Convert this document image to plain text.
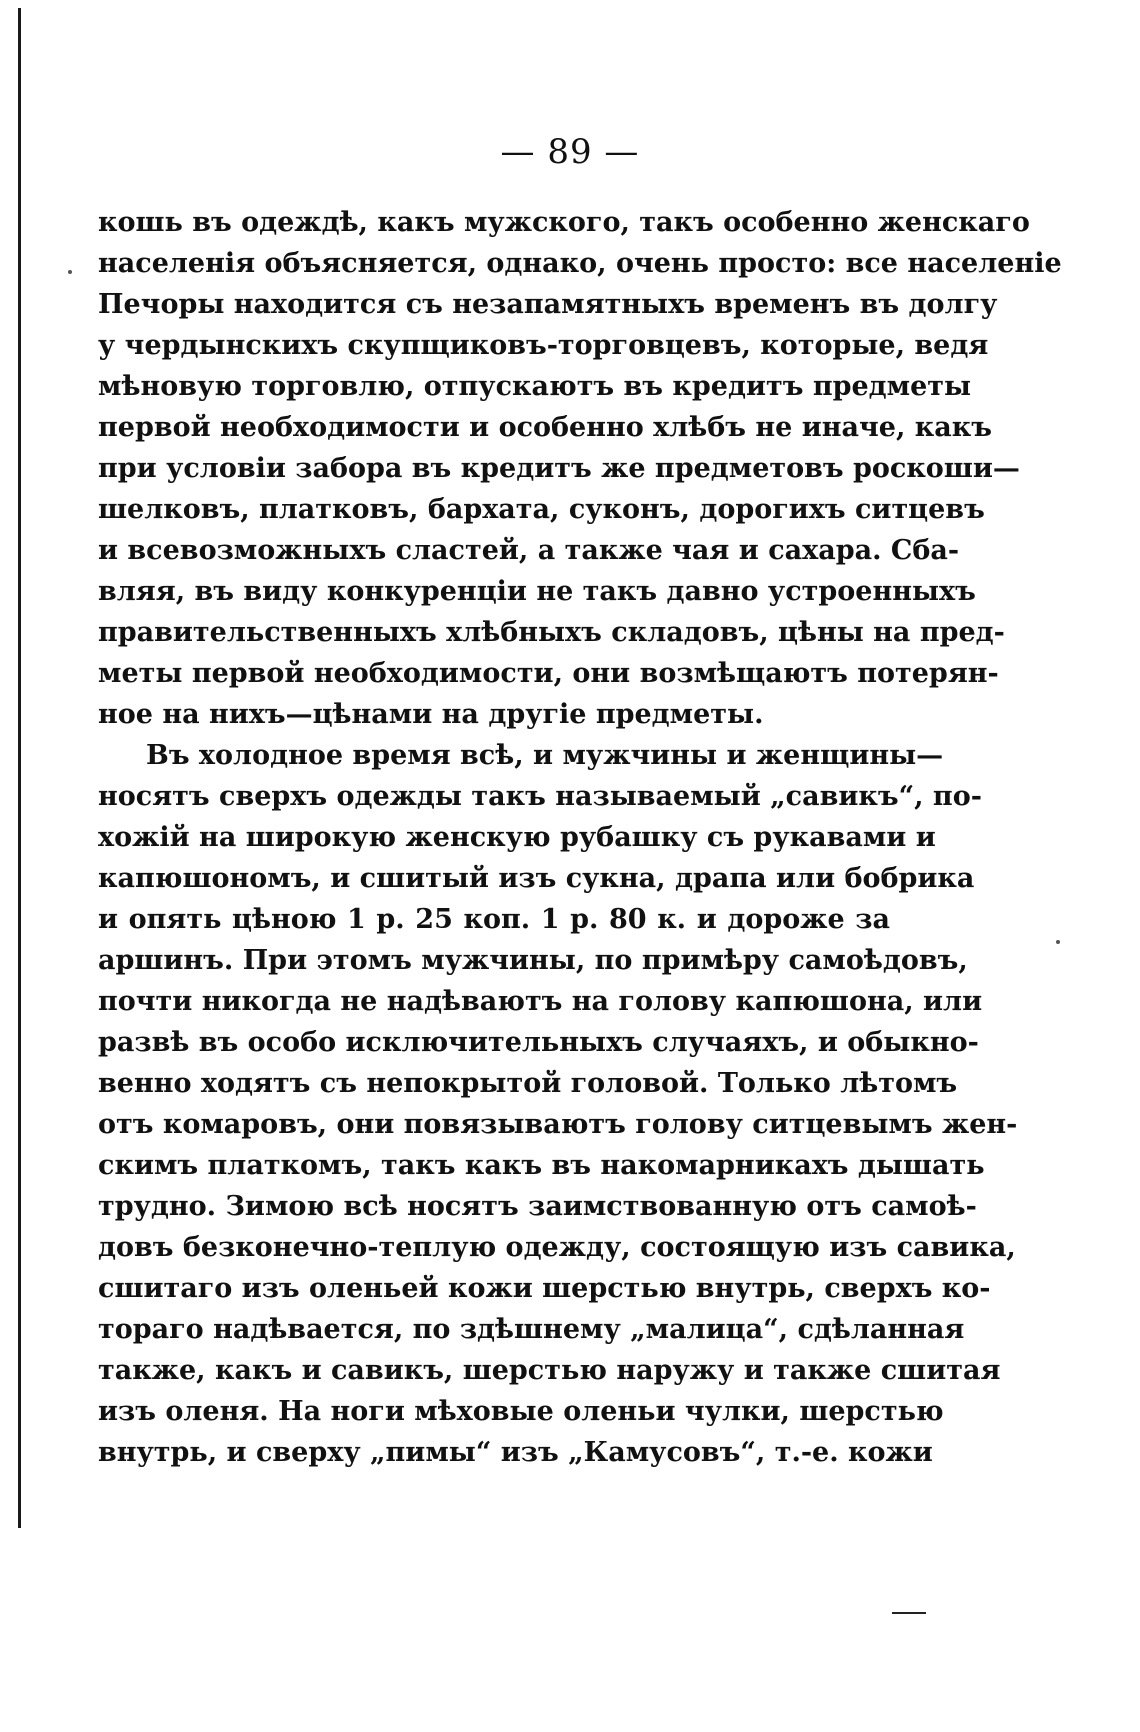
— 89 —
кошь въ одеждѣ, какъ мужского, такъ особенно женскаго
населенія объясняется, однако, очень просто: все населеніе
Печоры находится съ незапамятныхъ временъ въ долгу
у чердынскихъ скупщиковъ-торговцевъ, которые, ведя
мѣновую торговлю, отпускаютъ въ кредитъ предметы
первой необходимости и особенно хлѣбъ не иначе, какъ
при условіи забора въ кредитъ же предметовъ роскоши—
шелковъ, платковъ, бархата, суконъ, дорогихъ ситцевъ
и всевозможныхъ сластей, а также чая и сахара. Сба-
вляя, въ виду конкуренціи не такъ давно устроенныхъ
правительственныхъ хлѣбныхъ складовъ, цѣны на пред-
меты первой необходимости, они возмѣщаютъ потерян-
ное на нихъ—цѣнами на другіе предметы.
Въ холодное время всѣ, и мужчины и женщины—
носятъ сверхъ одежды такъ называемый „савикъ“, по-
хожій на широкую женскую рубашку съ рукавами и
капюшономъ, и сшитый изъ сукна, драпа или бобрика
и опять цѣною 1 р. 25 коп. 1 р. 80 к. и дороже за
аршинъ. При этомъ мужчины, по примѣру самоѣдовъ,
почти никогда не надѣваютъ на голову капюшона, или
развѣ въ особо исключительныхъ случаяхъ, и обыкно-
венно ходятъ съ непокрытой головой. Только лѣтомъ
отъ комаровъ, они повязываютъ голову ситцевымъ жен-
скимъ платкомъ, такъ какъ въ накомарникахъ дышать
трудно. Зимою всѣ носятъ заимствованную отъ самоѣ-
довъ безконечно-теплую одежду, состоящую изъ савика,
сшитаго изъ оленьей кожи шерстью внутрь, сверхъ ко-
тораго надѣвается, по здѣшнему „малица“, сдѣланная
также, какъ и савикъ, шерстью наружу и также сшитая
изъ оленя. На ноги мѣховые оленьи чулки, шерстью
внутрь, и сверху „пимы“ изъ „Камусовъ“, т.-е. кожи
